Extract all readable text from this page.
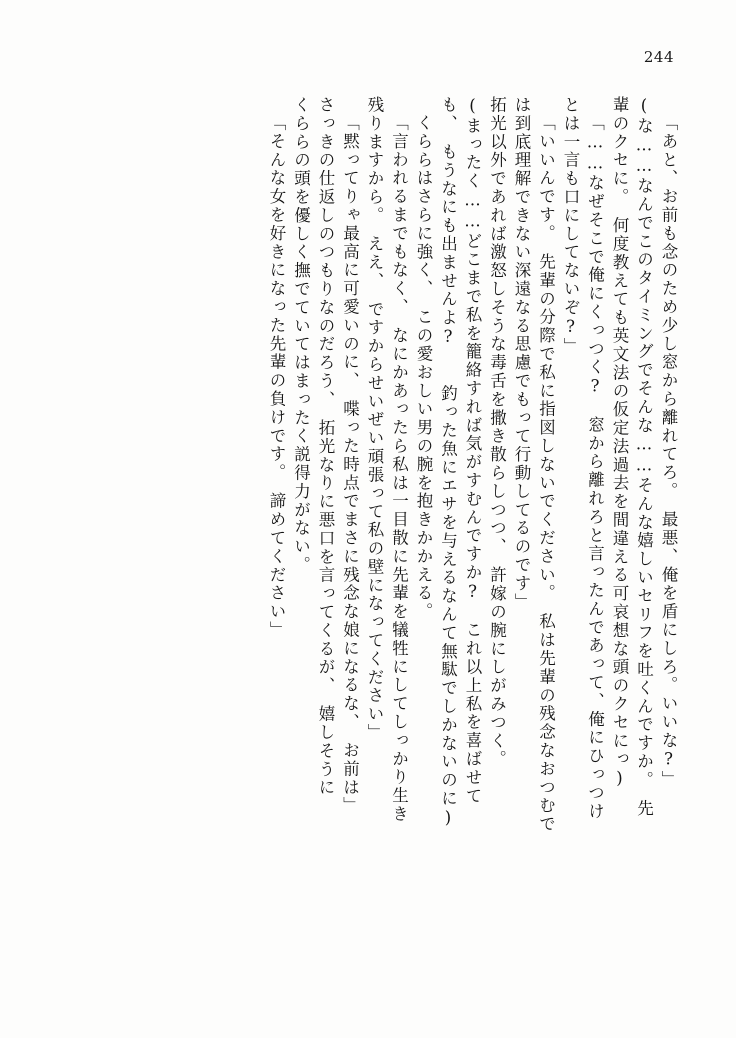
244
「あと、お前も念のため少し窓から離れてろ。　最悪、俺を盾にしろ。いいな?」
(な……なんでこのタイミングでそんな……そんな嬉しいセリフを吐くんですか。　先
輩のクセに。　何度教えても英文法の仮定法過去を間違える可哀想な頭のクセにっ)
「……なぜそこで俺にくっつく?　窓から離れろと言ったんであって、俺にひっつけ
とは一言も口にしてないぞ?」
「いいんです。　先輩の分際で私に指図しないでください。　私は先輩の残念なおつむで
は到底理解できない深遠なる思慮でもって行動してるのです」
拓光以外であれば激怒しそうな毒舌を撒き散らしつつ、　許嫁の腕にしがみつく。
(まったく……どこまで私を籠絡すれば気がすむんですか?　これ以上私を喜ばせて
も、　もうなにも出ませんよ?　　釣った魚にエサを与えるなんて無駄でしかないのに)
くららはさらに強く、　この愛おしい男の腕を抱きかかえる。
「言われるまでもなく、　なにかあったら私は一目散に先輩を犠牲にしてしっかり生き
残りますから。　ええ、　ですからせいぜい頑張って私の壁になってください」
「黙ってりゃ最高に可愛いのに、　喋った時点でまさに残念な娘になるな、　お前は」
さっきの仕返しのつもりなのだろう、　拓光なりに悪口を言ってくるが、　嬉しそうに
くららの頭を優しく撫でていてはまったく説得力がない。
「そんな女を好きになった先輩の負けです。　諦めてください」
